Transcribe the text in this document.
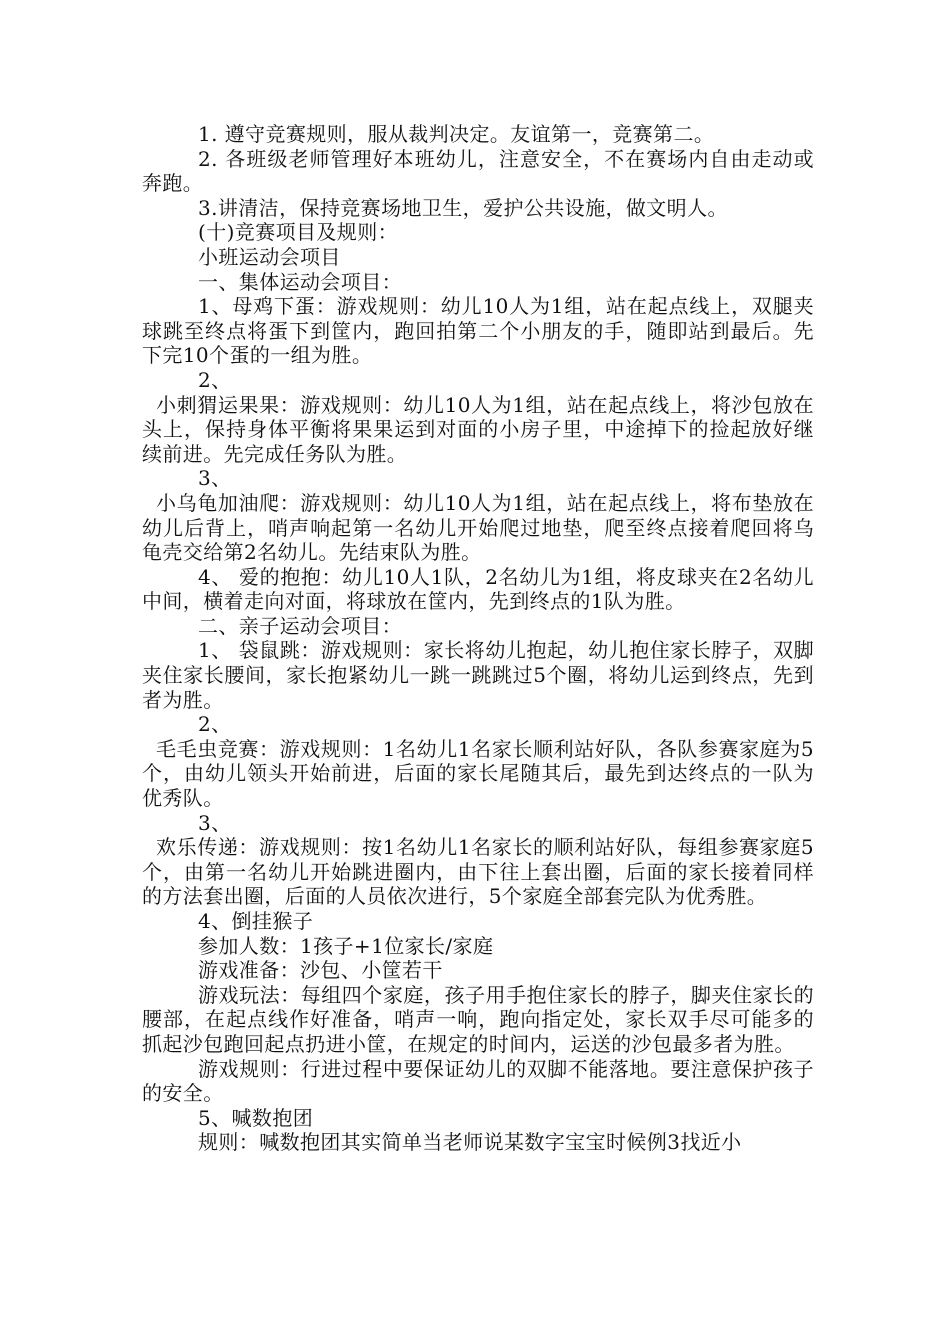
1. 遵守竞赛规则，服从裁判决定。友谊第一，竞赛第二。

2. 各班级老师管理好本班幼儿，注意安全，不在赛场内自由走动或奔跑。

3.讲清洁，保持竞赛场地卫生，爱护公共设施，做文明人。

(十)竞赛项目及规则：

小班运动会项目

一、集体运动会项目：

1、母鸡下蛋：游戏规则：幼儿10人为1组，站在起点线上，双腿夹球跳至终点将蛋下到筐内，跑回拍第二个小朋友的手，随即站到最后。先下完10个蛋的一组为胜。

2、

小刺猬运果果：游戏规则：幼儿10人为1组，站在起点线上，将沙包放在头上，保持身体平衡将果果运到对面的小房子里，中途掉下的捡起放好继续前进。先完成任务队为胜。

3、

小乌龟加油爬：游戏规则：幼儿10人为1组，站在起点线上，将布垫放在幼儿后背上，哨声响起第一名幼儿开始爬过地垫，爬至终点接着爬回将乌龟壳交给第2名幼儿。先结束队为胜。

4、 爱的抱抱：幼儿10人1队，2名幼儿为1组，将皮球夹在2名幼儿中间，横着走向对面，将球放在筐内，先到终点的1队为胜。

二、亲子运动会项目：

1、 袋鼠跳：游戏规则：家长将幼儿抱起，幼儿抱住家长脖子，双脚夹住家长腰间，家长抱紧幼儿一跳一跳跳过5个圈，将幼儿运到终点，先到者为胜。

2、

毛毛虫竞赛：游戏规则：1名幼儿1名家长顺利站好队，各队参赛家庭为5个，由幼儿领头开始前进，后面的家长尾随其后，最先到达终点的一队为优秀队。

3、

欢乐传递：游戏规则：按1名幼儿1名家长的顺利站好队，每组参赛家庭5个，由第一名幼儿开始跳进圈内，由下往上套出圈，后面的家长接着同样的方法套出圈，后面的人员依次进行，5个家庭全部套完队为优秀胜。

4、倒挂猴子

参加人数：1孩子+1位家长/家庭

游戏准备：沙包、小筐若干

游戏玩法：每组四个家庭，孩子用手抱住家长的脖子，脚夹住家长的腰部，在起点线作好准备，哨声一响，跑向指定处，家长双手尽可能多的抓起沙包跑回起点扔进小筐，在规定的时间内，运送的沙包最多者为胜。

游戏规则：行进过程中要保证幼儿的双脚不能落地。要注意保护孩子的安全。

5、喊数抱团

规则：喊数抱团其实简单当老师说某数字宝宝时候例3找近小
